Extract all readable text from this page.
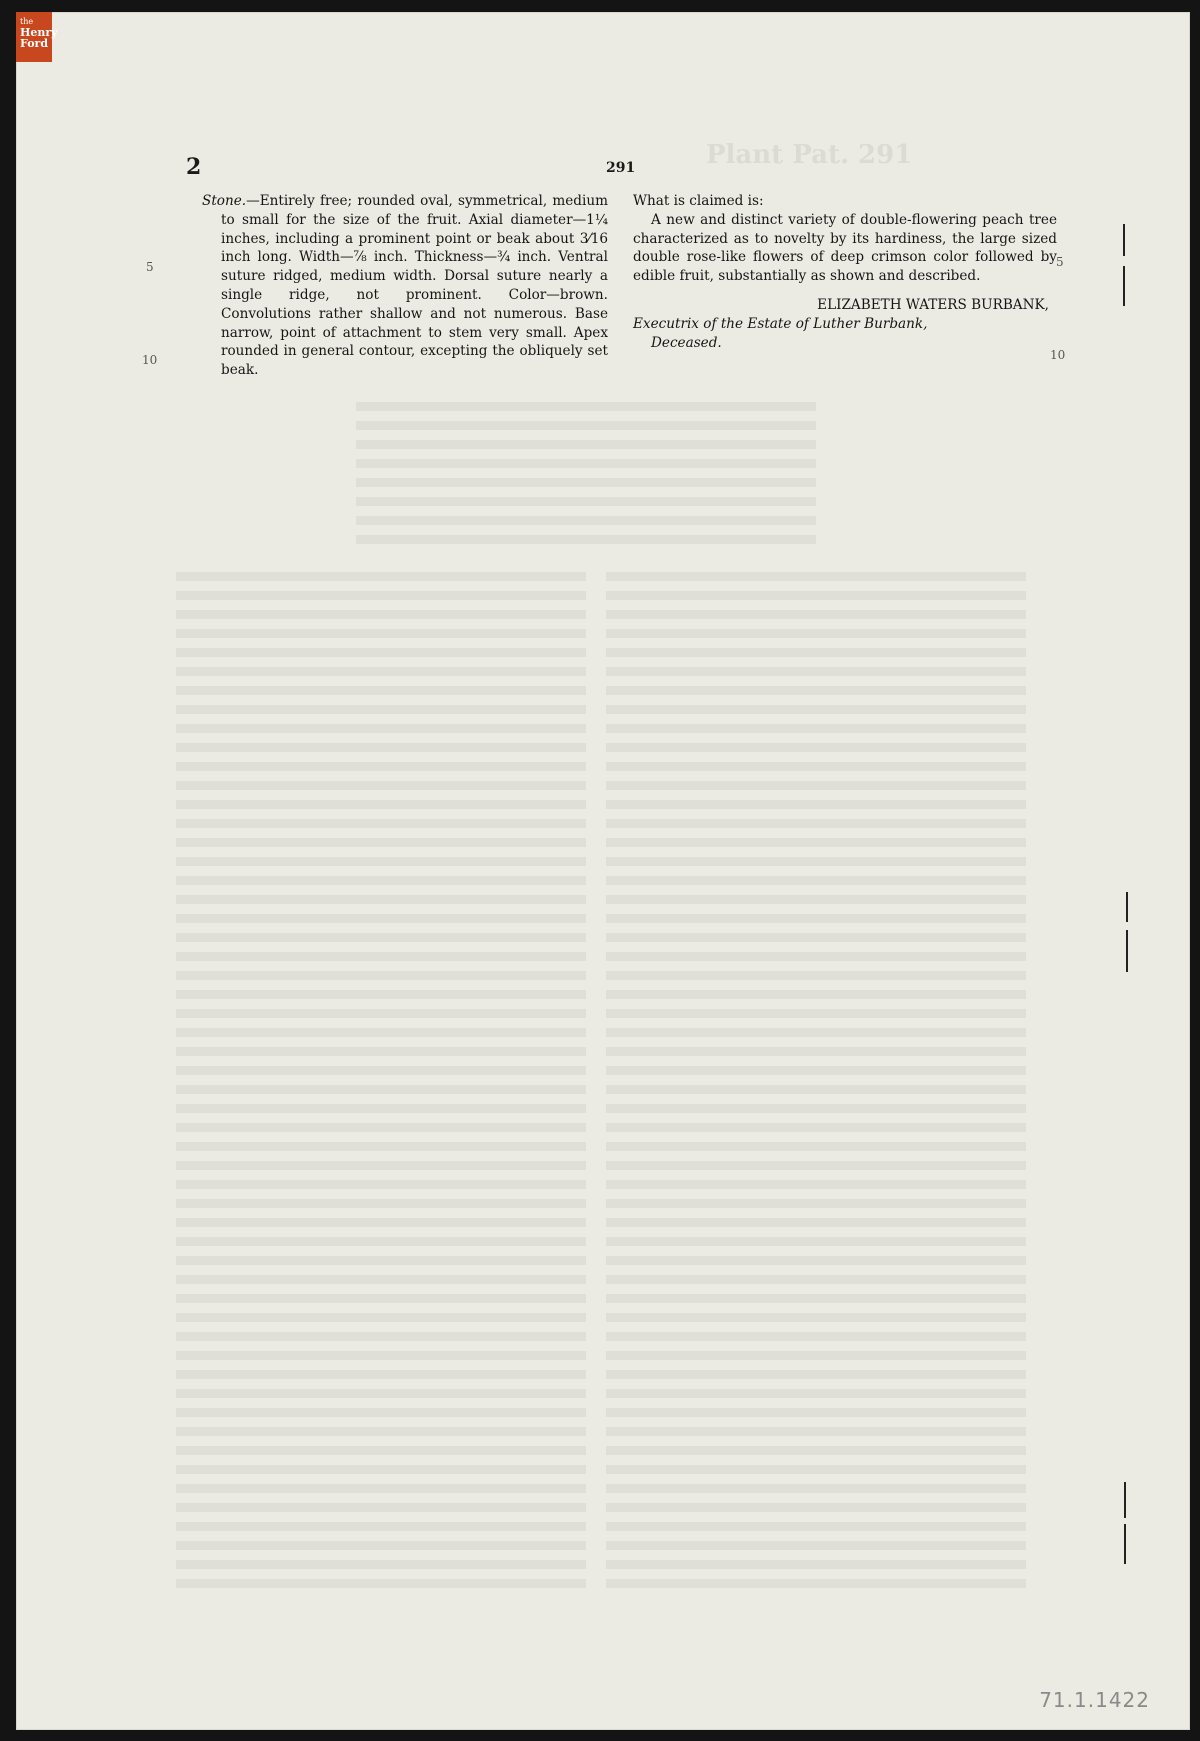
the
Henry
Ford
Plant Pat. 291
2	291

Stone.—Entirely free; rounded oval, symmetrical, medium to small for the size of the fruit. Axial diameter—1¼ inches, including a prominent point or beak about 3⁄16 inch long. Width—⅞ inch. Thickness—¾ inch. Ventral suture ridged, medium width. Dorsal suture nearly a single ridge, not prominent. Color—brown. Convolutions rather shallow and not numerous. Base narrow, point of attachment to stem very small. Apex rounded in general contour, excepting the obliquely set beak.

What is claimed is:

A new and distinct variety of double-flowering peach tree characterized as to novelty by its hardiness, the large sized double rose-like flowers of deep crimson color followed by edible fruit, substantially as shown and described.

ELIZABETH WATERS BURBANK,

Executrix of the Estate of Luther Burbank,

Deceased.

5
10
5
10
71.1.1422
